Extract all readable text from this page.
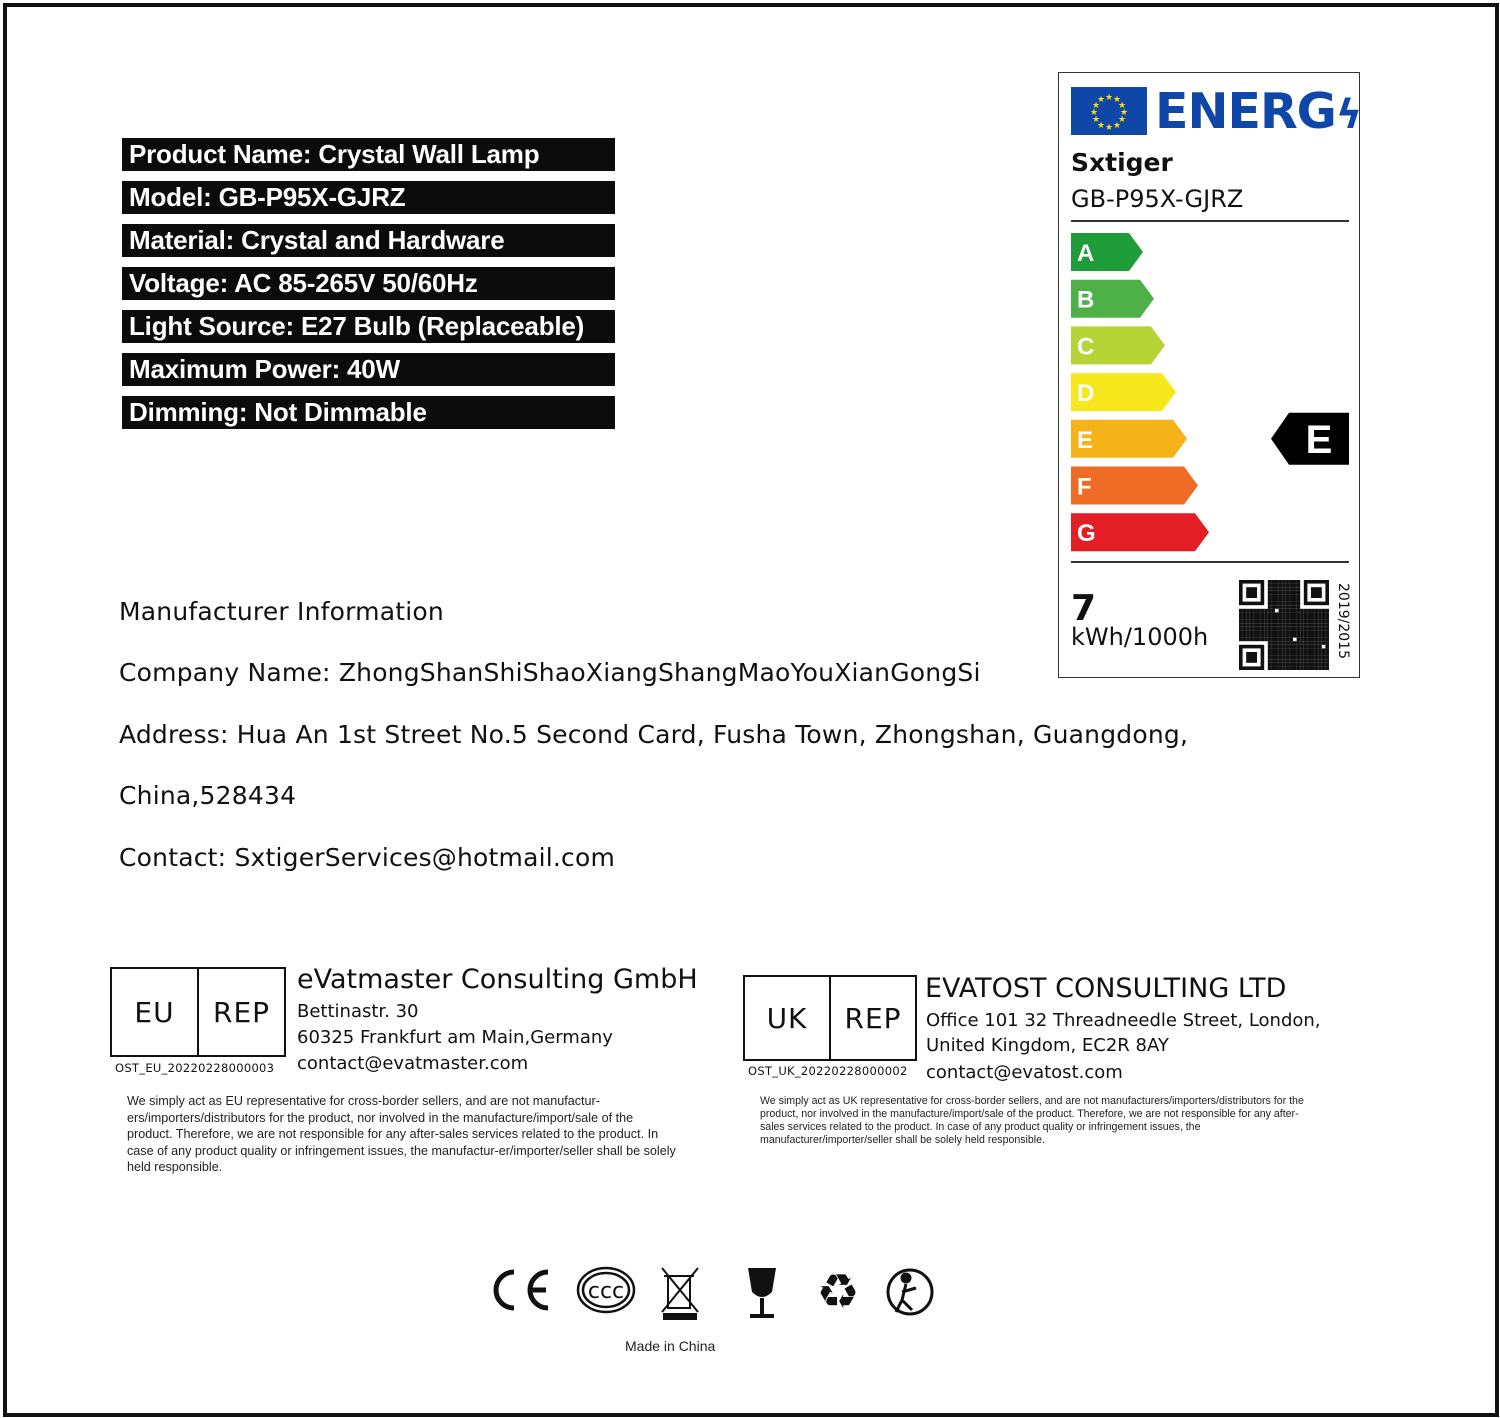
Product Name: Crystal Wall Lamp
Model: GB-P95X-GJRZ
Material: Crystal and Hardware
Voltage: AC 85-265V 50/60Hz
Light Source: E27 Bulb (Replaceable)
Maximum Power: 40W
Dimming: Not Dimmable
Manufacturer Information
Company Name: ZhongShanShiShaoXiangShangMaoYouXianGongSi
Address: Hua An 1st Street No.5 Second Card, Fusha Town, Zhongshan, Guangdong,
China,528434
Contact: SxtigerServices@hotmail.com
★ ★
★
★
★
★
★
★
★
★
★
★ ENERGϟ
Sxtiger
GB-P95X-GJRZ
A
B
C
D
E	E
F
G
7
kWh/1000h	2019/2015
EU	REP
OST_EU_20220228000003
eVatmaster Consulting GmbH
Bettinastr. 30
60325 Frankfurt am Main,Germany
contact@evatmaster.com
We simply act as EU representative for cross-border sellers, and are not manufactur-ers/importers/distributors for the product, nor involved in the manufacture/import/sale of the product. Therefore, we are not responsible for any after-sales services related to the product. In case of any product quality or infringement issues, the manufactur-er/importer/seller shall be solely held responsible.
UK	REP
OST_UK_20220228000002
EVATOST CONSULTING LTD
Office 101 32 Threadneedle Street, London,
United Kingdom, EC2R 8AY
contact@evatost.com
We simply act as UK representative for cross-border sellers, and are not manufacturers/importers/distributors for the product, nor involved in the manufacture/import/sale of the product. Therefore, we are not responsible for any after-sales services related to the product. In case of any product quality or infringement issues, the manufacturer/importer/seller shall be solely held responsible.
ccc	♻
Made in China
